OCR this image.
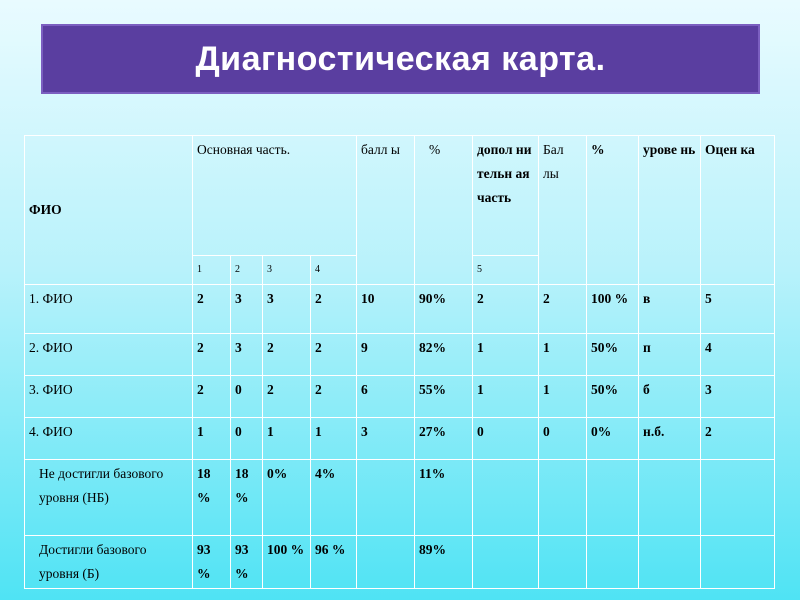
Диагностическая карта.
ФИО	Основная часть.				балл ы	%	допол ни тельн ая часть	Бал лы	%	урове нь	Оцен ка
	1	2	3	4			5				
1. ФИО	2	3	3	2	10	90%	2	2	100 %	в	5
2. ФИО	2	3	2	2	9	82%	1	1	50%	п	4
3. ФИО	2	0	2	2	6	55%	1	1	50%	б	3
4. ФИО	1	0	1	1	3	27%	0	0	0%	н.б.	2
Не достигли базового уровня (НБ)	18 %	18 %	0%	4%		11%					
Достигли базового уровня (Б)	93 %	93 %	100 %	96 %		89%					
